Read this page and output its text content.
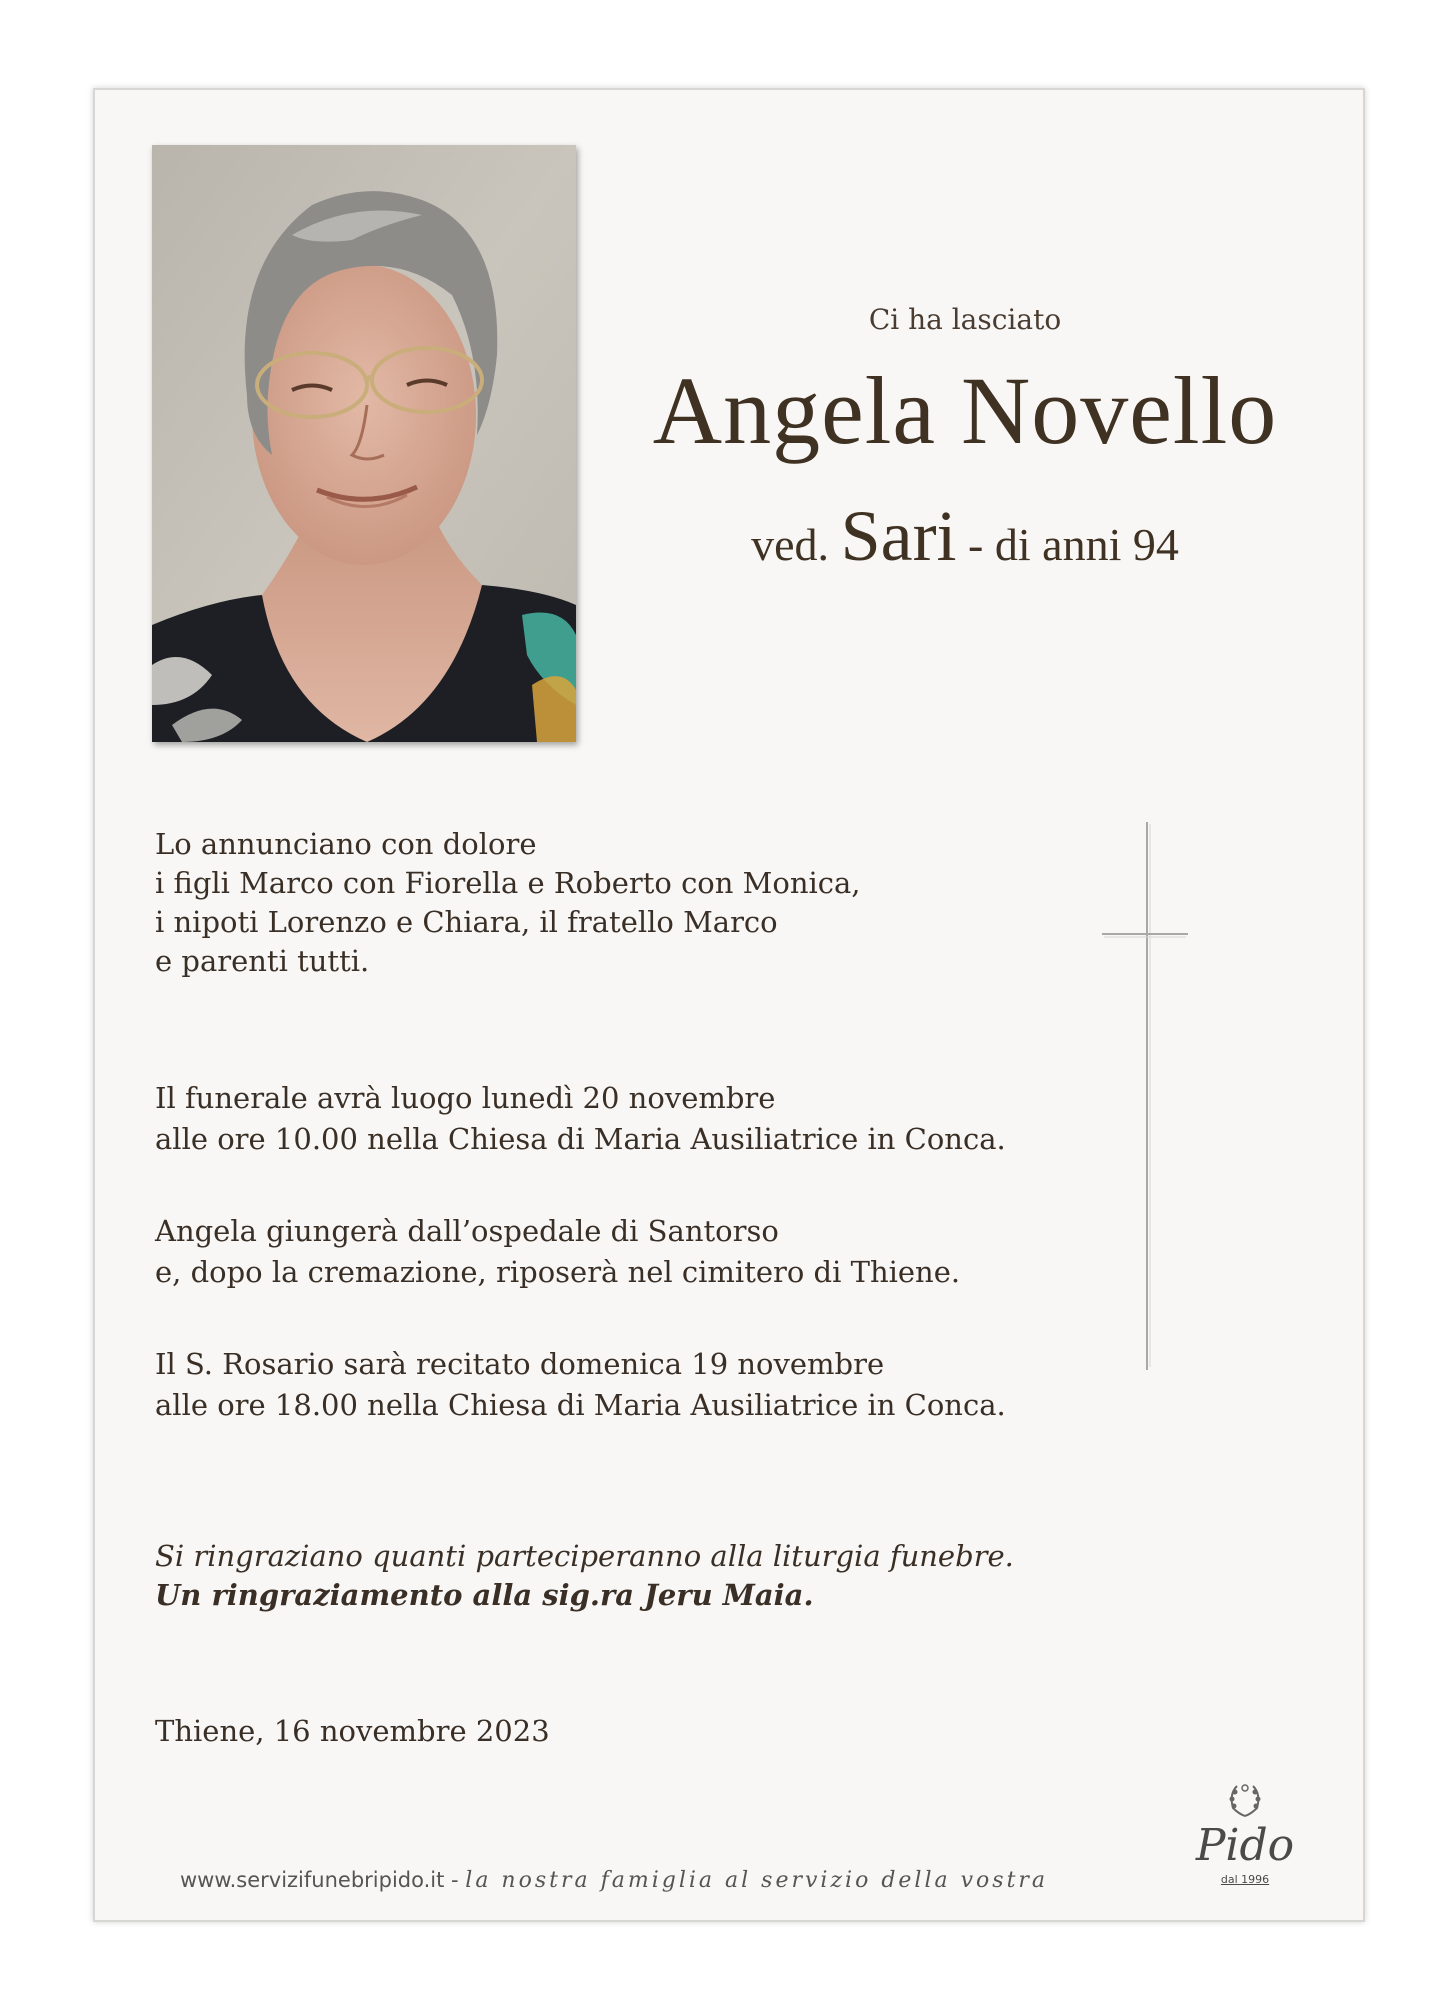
Ci ha lasciato
Angela Novello
ved. Sari - di anni 94

Lo annunciano con dolore

i figli Marco con Fiorella e Roberto con Monica,

i nipoti Lorenzo e Chiara, il fratello Marco

e parenti tutti.

Il funerale avrà luogo lunedì 20 novembre

alle ore 10.00 nella Chiesa di Maria Ausiliatrice in Conca.

Angela giungerà dall’ospedale di Santorso

e, dopo la cremazione, riposerà nel cimitero di Thiene.

Il S. Rosario sarà recitato domenica 19 novembre

alle ore 18.00 nella Chiesa di Maria Ausiliatrice in Conca.

Si ringraziano quanti parteciperanno alla liturgia funebre.

Un ringraziamento alla sig.ra Jeru Maia.

Thiene, 16 novembre 2023

www.servizifunebripido.it - la nostra famiglia al servizio della vostra
Pido
dal 1996
